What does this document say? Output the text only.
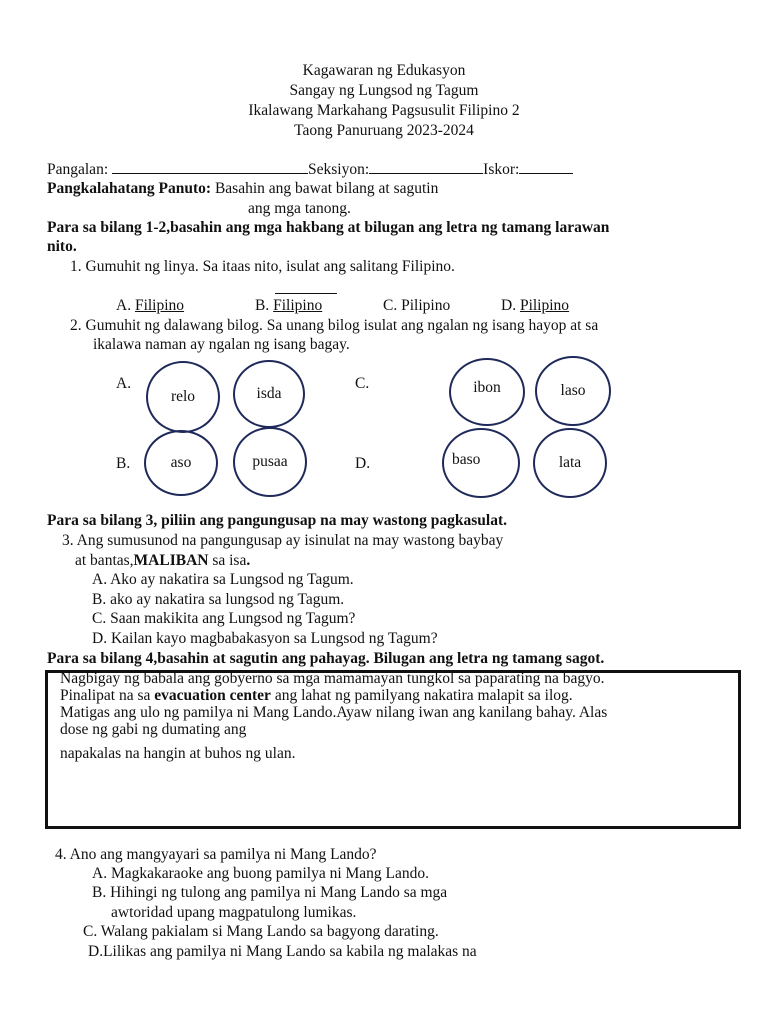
Kagawaran ng Edukasyon
Sangay ng Lungsod ng Tagum
Ikalawang Markahang Pagsusulit Filipino 2
Taong Panuruang 2023-2024
Pangalan:	Seksiyon:	Iskor:
Pangkalahatang Panuto: Basahin ang bawat bilang at sagutin
ang mga tanong.
Para sa bilang 1-2,basahin ang mga hakbang at bilugan ang letra ng tamang larawan
nito.
1. Gumuhit ng linya. Sa itaas nito, isulat ang salitang Filipino.
A. Filipino	B. Filipino	C. Pilipino	D. Pilipino
2. Gumuhit ng dalawang bilog. Sa unang bilog isulat ang ngalan ng isang hayop at sa
ikalawa naman ay ngalan ng isang bagay.
A.
relo	isda
B.	aso	pusaa
C.	ibon	laso
D.	baso	lata
Para sa bilang 3, piliin ang pangungusap na may wastong pagkasulat.
3. Ang sumusunod na pangungusap ay isinulat na may wastong baybay
at bantas,MALIBAN sa isa.
A. Ako ay nakatira sa Lungsod ng Tagum.
B. ako ay nakatira sa lungsod ng Tagum.
C. Saan makikita ang Lungsod ng Tagum?
D. Kailan kayo magbabakasyon sa Lungsod ng Tagum?
Para sa bilang 4,basahin at sagutin ang pahayag. Bilugan ang letra ng tamang sagot.
Nagbigay ng babala ang gobyerno sa mga mamamayan tungkol sa paparating na bagyo.
Pinalipat na sa evacuation center ang lahat ng pamilyang nakatira malapit sa ilog.
Matigas ang ulo ng pamilya ni Mang Lando.Ayaw nilang iwan ang kanilang bahay. Alas
dose ng gabi ng dumating ang
napakalas na hangin at buhos ng ulan.
4. Ano ang mangyayari sa pamilya ni Mang Lando?
A. Magkakaraoke ang buong pamilya ni Mang Lando.
B. Hihingi ng tulong ang pamilya ni Mang Lando sa mga
awtoridad upang magpatulong lumikas.
C. Walang pakialam si Mang Lando sa bagyong darating.
D.Lilikas ang pamilya ni Mang Lando sa kabila ng malakas na
